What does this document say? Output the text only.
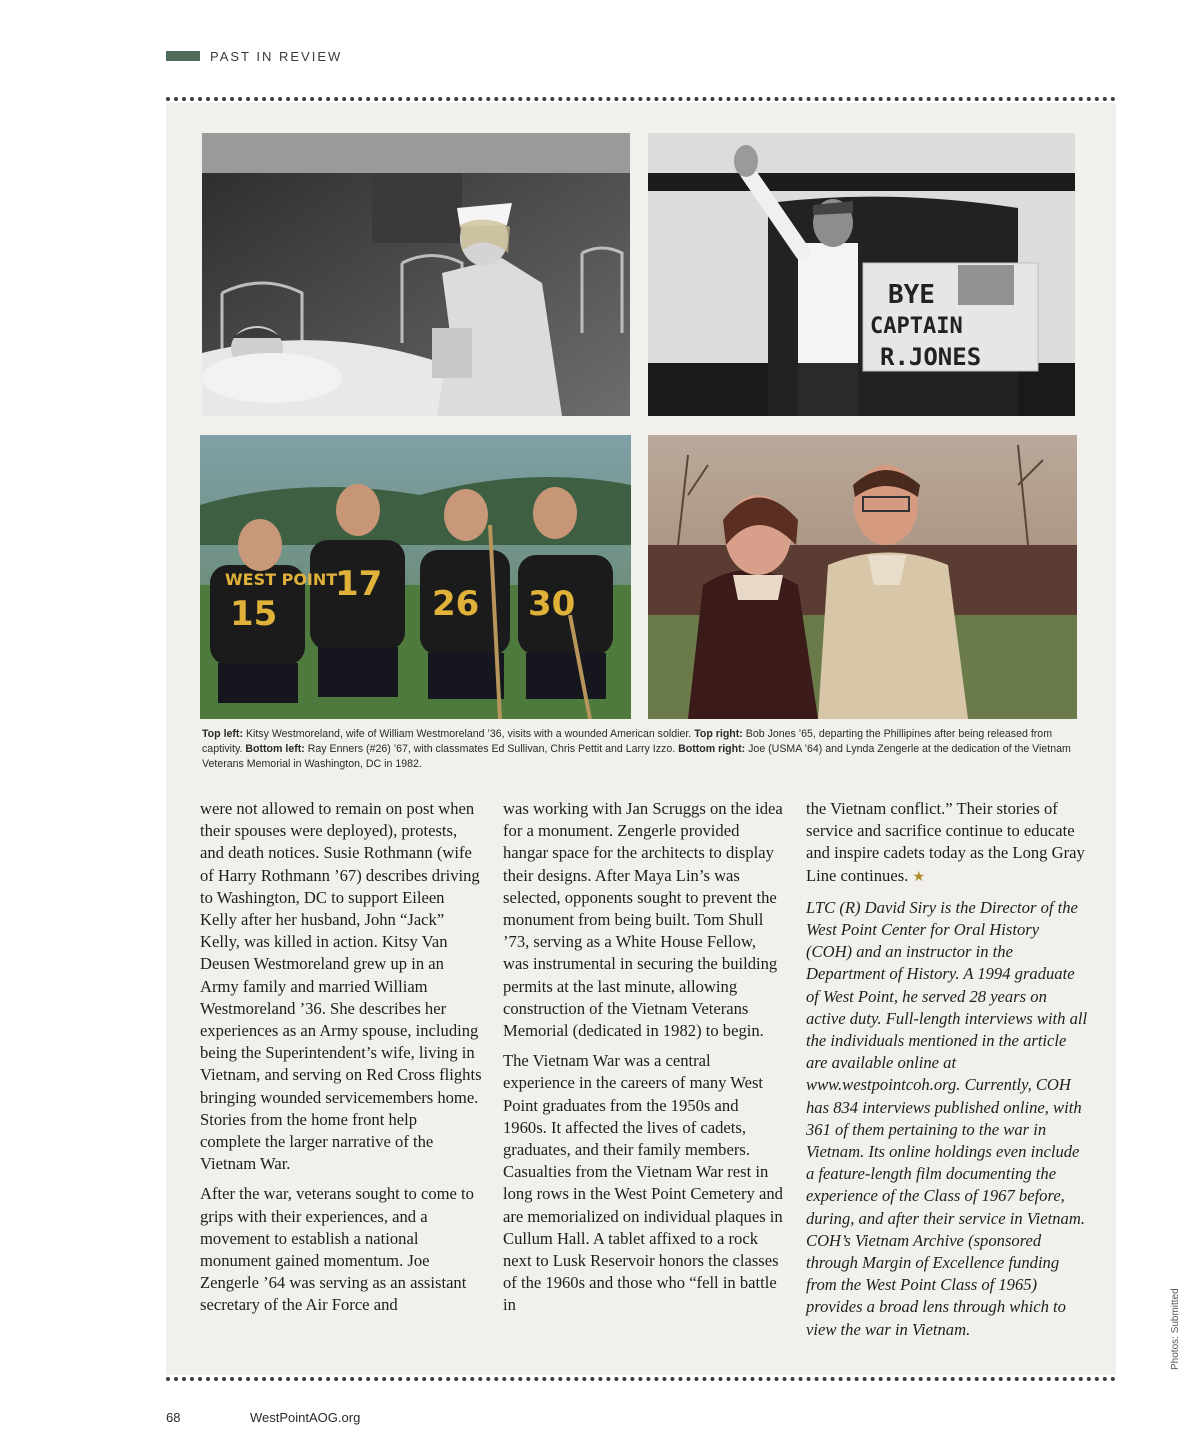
PAST IN REVIEW
BYE
CAPTAIN
R.JONES
WEST POINT
15
17 26 30
Top left: Kitsy Westmoreland, wife of William Westmoreland ’36, visits with a wounded American soldier. Top right: Bob Jones ’65, departing the Phillipines after being released from captivity. Bottom left: Ray Enners (#26) ’67, with classmates Ed Sullivan, Chris Pettit and Larry Izzo. Bottom right: Joe (USMA ’64) and Lynda Zengerle at the dedication of the Vietnam Veterans Memorial in Washington, DC in 1982.

were not allowed to remain on post when their spouses were deployed), protests, and death notices. Susie Rothmann (wife of Harry Rothmann ’67) describes driving to Washington, DC to support Eileen Kelly after her husband, John “Jack” Kelly, was killed in action. Kitsy Van Deusen Westmoreland grew up in an Army family and married William Westmoreland ’36. She describes her experiences as an Army spouse, including being the Superintendent’s wife, living in Vietnam, and serving on Red Cross flights bringing wounded servicemembers home. Stories from the home front help complete the larger narrative of the Vietnam War.

After the war, veterans sought to come to grips with their experiences, and a movement to establish a national monument gained momentum. Joe Zengerle ’64 was serving as an assistant secretary of the Air Force and

was working with Jan Scruggs on the idea for a monument. Zengerle provided hangar space for the architects to display their designs. After Maya Lin’s was selected, opponents sought to prevent the monument from being built. Tom Shull ’73, serving as a White House Fellow, was instrumental in securing the building permits at the last minute, allowing construction of the Vietnam Veterans Memorial (dedicated in 1982) to begin.

The Vietnam War was a central experience in the careers of many West Point graduates from the 1950s and 1960s. It affected the lives of cadets, graduates, and their family members. Casualties from the Vietnam War rest in long rows in the West Point Cemetery and are memorialized on individual plaques in Cullum Hall. A tablet affixed to a rock next to Lusk Reservoir honors the classes of the 1960s and those who “fell in battle in

the Vietnam conflict.” Their stories of service and sacrifice continue to educate and inspire cadets today as the Long Gray Line continues. ★

LTC (R) David Siry is the Director of the West Point Center for Oral History (COH) and an instructor in the Department of History. A 1994 graduate of West Point, he served 28 years on active duty. Full-length interviews with all the individuals mentioned in the article are available online at www.westpointcoh.org. Currently, COH has 834 interviews published online, with 361 of them pertaining to the war in Vietnam. Its online holdings even include a feature-length film documenting the experience of the Class of 1967 before, during, and after their service in Vietnam. COH’s Vietnam Archive (sponsored through Margin of Excellence funding from the West Point Class of 1965) provides a broad lens through which to view the war in Vietnam.

68	WestPointAOG.org
Photos: Submitted
